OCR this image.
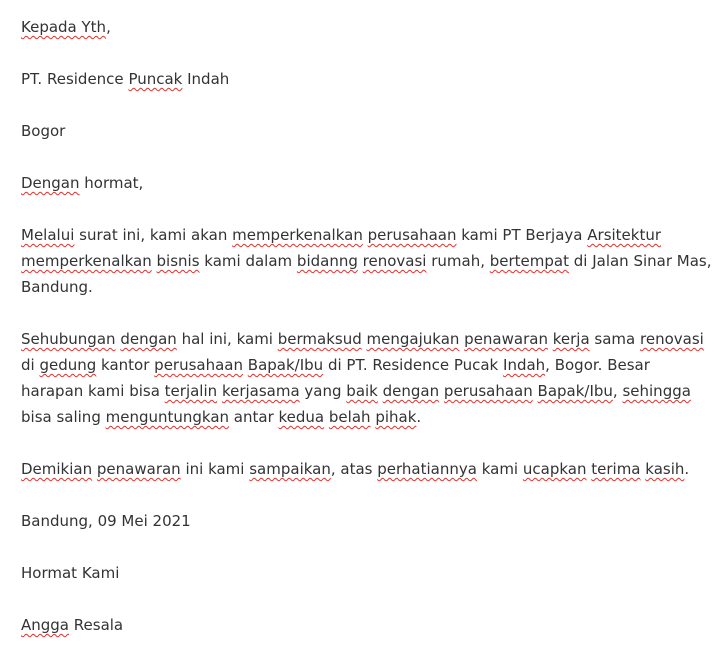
Kepada Yth,

PT. Residence Puncak Indah

Bogor

Dengan hormat,

Melalui surat ini, kami akan memperkenalkan perusahaan kami PT Berjaya Arsitektur memperkenalkan bisnis kami dalam bidanng renovasi rumah, bertempat di Jalan Sinar Mas, Bandung.

Sehubungan dengan hal ini, kami bermaksud mengajukan penawaran kerja sama renovasi di gedung kantor perusahaan Bapak/Ibu di PT. Residence Pucak Indah, Bogor. Besar harapan kami bisa terjalin kerjasama yang baik dengan perusahaan Bapak/Ibu, sehingga bisa saling menguntungkan antar kedua belah pihak.

Demikian penawaran ini kami sampaikan, atas perhatiannya kami ucapkan terima kasih.

Bandung, 09 Mei 2021

Hormat Kami

Angga Resala
